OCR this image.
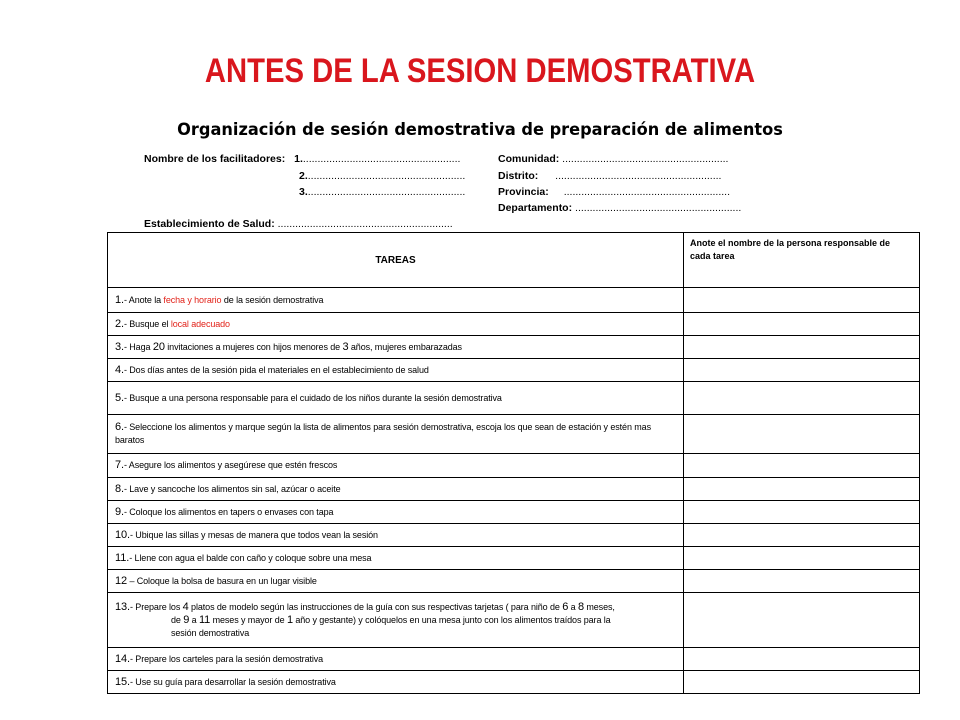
ANTES DE LA SESION DEMOSTRATIVA
Organización de sesión demostrativa de preparación de alimentos
Nombre de los facilitadores: 1.......................................................
2.......................................................
3.......................................................
Comunidad: .........................................................
Distrito: .........................................................
Provincia: .........................................................
Departamento: .........................................................
Establecimiento de Salud: ............................................................
TAREAS	Anote el nombre de la persona responsable de cada tarea
1.- Anote la fecha y horario de la sesión demostrativa	
2.- Busque el local adecuado	
3.- Haga 20 invitaciones a mujeres con hijos menores de 3 años, mujeres embarazadas	
4.- Dos días antes de la sesión pida el materiales en el establecimiento de salud	
5.- Busque a una persona responsable para el cuidado de los niños durante la sesión demostrativa	
6.- Seleccione los alimentos y marque según la lista de alimentos para sesión demostrativa, escoja los que sean de estación y estén mas baratos	
7.- Asegure los alimentos y asegúrese que estén frescos	
8.- Lave y sancoche los alimentos sin sal, azúcar o aceite	
9.- Coloque los alimentos en tapers o envases con tapa	
10.- Ubique las sillas y mesas de manera que todos vean la sesión	
11.- Llene con agua el balde con caño y coloque sobre una mesa	
12 – Coloque la bolsa de basura en un lugar visible	
13.- Prepare los 4 platos de modelo según las instrucciones de la guía con sus respectivas tarjetas ( para niño de 6 a 8 meses,
de 9 a 11 meses y mayor de 1 año y gestante) y colóquelos en una mesa junto con los alimentos traídos para la
sesión demostrativa	

14.- Prepare los carteles para la sesión demostrativa	
15.- Use su guía para desarrollar la sesión demostrativa	
